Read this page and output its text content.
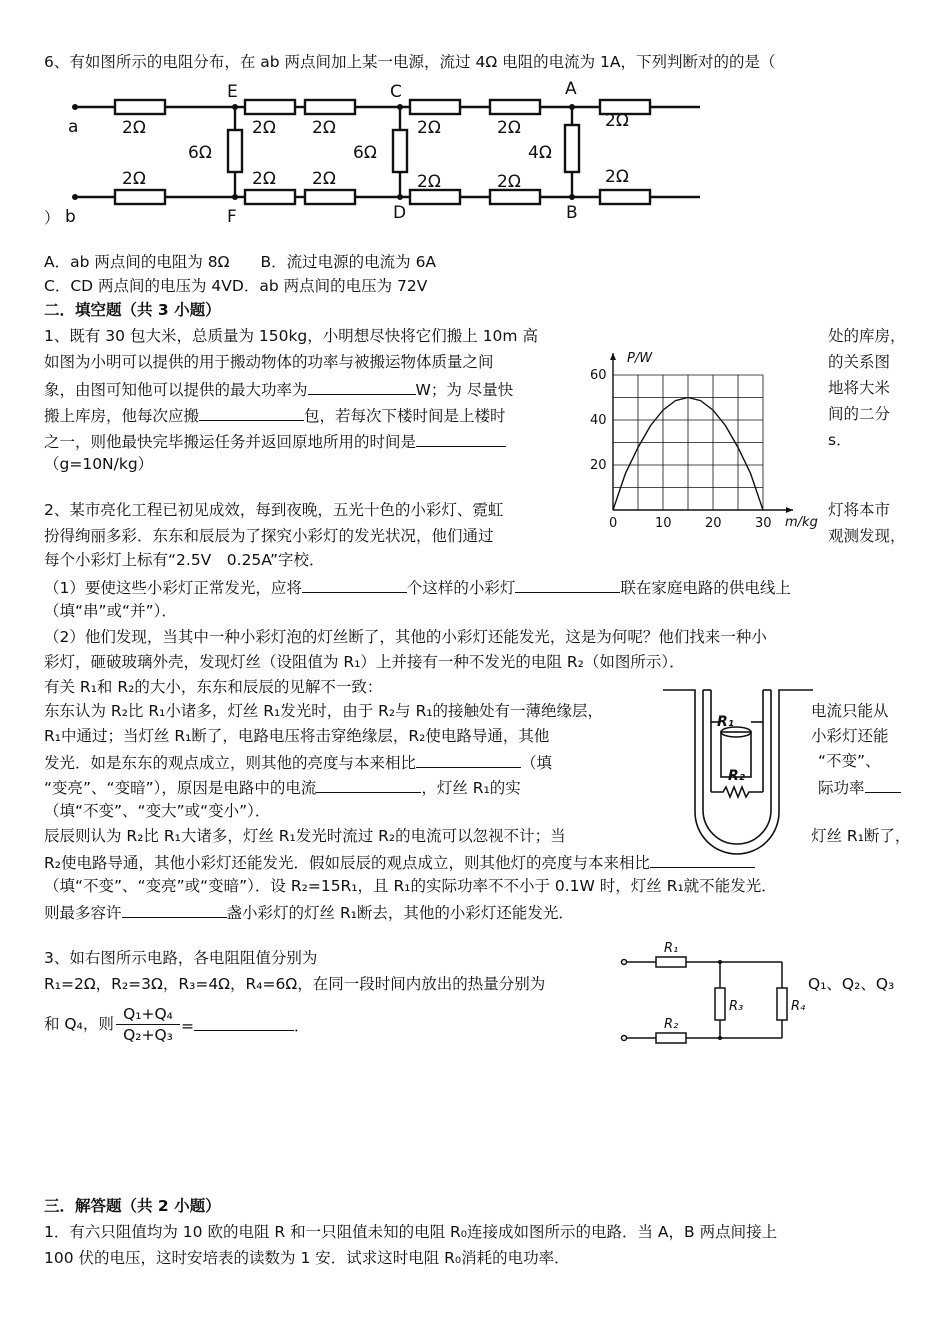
6、有如图所示的电阻分布，在 ab 两点间加上某一电源，流过 4Ω 电阻的电流为 1A，下列判断对的的是（
a
b
E	C	A
F	D	B
2Ω	2Ω 2Ω	2Ω	2Ω	2Ω
2Ω	2Ω 2Ω	2Ω	2Ω	2Ω
6Ω	6Ω	4Ω
）
A．ab 两点间的电阻为 8Ω　　B．流过电源的电流为 6A
C．CD 两点间的电压为 4VD．ab 两点间的电压为 72V
二．填空题（共 3 小题）
1、既有 30 包大米，总质量为 150kg，小明想尽快将它们搬上 10m 高	处的库房，
如图为小明可以提供的用于搬动物体的功率与被搬运物体质量之间	的关系图
象，由图可知他可以提供的最大功率为	W；为 尽量快	地将大米
搬上库房，他每次应搬	包，若每次下楼时间是上楼时	间的二分
之一，则他最快完毕搬运任务并返回原地所用的时间是	s．
（g=10N/kg）
0	10	20	30
20
40
60
P/W
m/kg
2、某市亮化工程已初见成效，每到夜晚，五光十色的小彩灯、霓虹	灯将本市
扮得绚丽多彩．东东和辰辰为了探究小彩灯的发光状况，他们通过	观测发现，
每个小彩灯上标有“2.5V　0.25A”字校．
（1）要使这些小彩灯正常发光，应将	个这样的小彩灯	联在家庭电路的供电线上
（填“串”或“并”）．
（2）他们发现，当其中一种小彩灯泡的灯丝断了，其他的小彩灯还能发光，这是为何呢？他们找来一种小
彩灯，砸破玻璃外壳，发现灯丝（设阻值为 R₁）上并接有一种不发光的电阻 R₂（如图所示）．
有关 R₁和 R₂的大小，东东和辰辰的见解不一致：
R₁
R₂
东东认为 R₂比 R₁小诸多，灯丝 R₁发光时，由于 R₂与 R₁的接触处有一薄绝缘层，	电流只能从
R₁中通过；当灯丝 R₁断了，电路电压将击穿绝缘层，R₂使电路导通，其他	小彩灯还能
发光．如是东东的观点成立，则其他的亮度与本来相比	（填	“不变”、
“变亮”、“变暗”），原因是电路中的电流	，灯丝 R₁的实	际功率
（填“不变”、“变大”或“变小”）．
辰辰则认为 R₂比 R₁大诸多，灯丝 R₁发光时流过 R₂的电流可以忽视不计；当	灯丝 R₁断了，
R₂使电路导通，其他小彩灯还能发光．假如辰辰的观点成立，则其他灯的亮度与本来相比
（填“不变”、“变亮”或“变暗”）．设 R₂=15R₁，且 R₁的实际功率不不小于 0.1W 时，灯丝 R₁就不能发光．
则最多容许	盏小彩灯的灯丝 R₁断去，其他的小彩灯还能发光．
3、如右图所示电路，各电阻阻值分别为
R₁=2Ω，R₂=3Ω，R₃=4Ω，R₄=6Ω，在同一段时间内放出的热量分别为	Q₁、Q₂、Q₃
和 Q₄，则 $\frac{\text{Q₁+Q₄}}{\text{Q₂+Q₃}}$ =	．
R₁
R₂
R₃	R₄
三．解答题（共 2 小题）
1．有六只阻值均为 10 欧的电阻 R 和一只阻值未知的电阻 R₀连接成如图所示的电路．当 A，B 两点间接上
100 伏的电压，这时安培表的读数为 1 安．试求这时电阻 R₀消耗的电功率．
